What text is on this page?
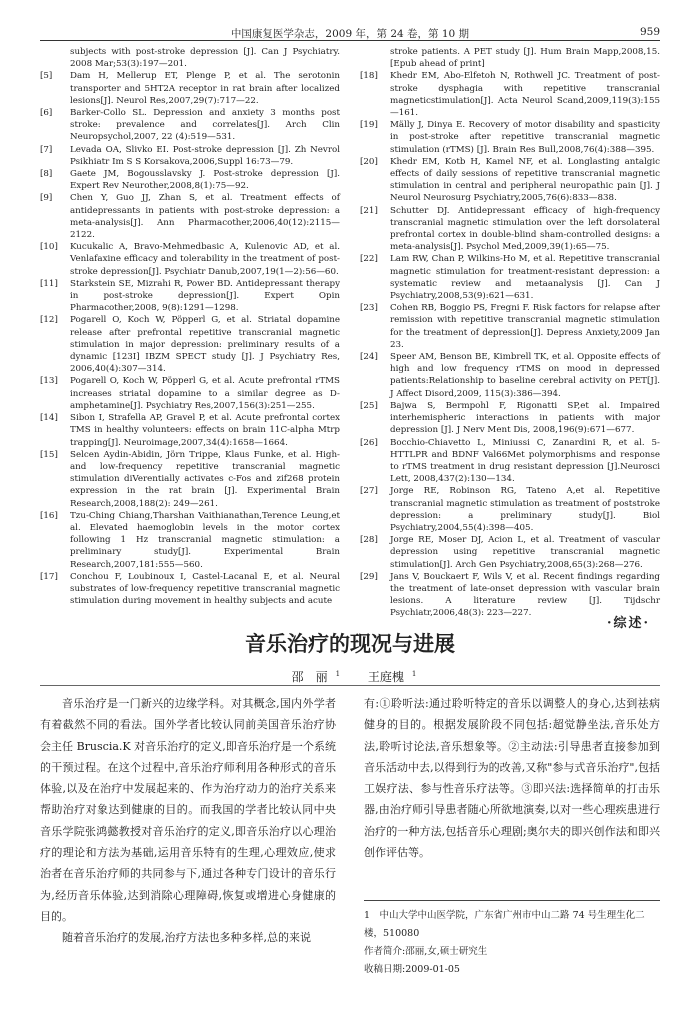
中国康复医学杂志，2009 年，第 24 卷，第 10 期	959
subjects with post-stroke depression [J]. Can J Psychiatry. 2008 Mar;53(3):197—201.
[5] Dam H, Mellerup ET, Plenge P, et al. The serotonin transporter and 5HT2A receptor in rat brain after localized lesions[J]. Neurol Res,2007,29(7):717—22.
[6] Barker-Collo SL. Depression and anxiety 3 months post stroke: prevalence and correlates[J]. Arch Clin Neuropsychol,2007, 22 (4):519—531.
[7] Levada OA, Slivko EI. Post-stroke depression [J]. Zh Nevrol Psikhiatr Im S S Korsakova,2006,Suppl 16:73—79.
[8] Gaete JM, Bogousslavsky J. Post-stroke depression [J]. Expert Rev Neurother,2008,8(1):75—92.
[9] Chen Y, Guo JJ, Zhan S, et al. Treatment effects of antidepressants in patients with post-stroke depression: a meta-analysis[J]. Ann Pharmacother,2006,40(12):2115—2122.
[10] Kucukalic A, Bravo-Mehmedbasic A, Kulenovic AD, et al. Venlafaxine efficacy and tolerability in the treatment of post-stroke depression[J]. Psychiatr Danub,2007,19(1—2):56—60.
[11] Starkstein SE, Mizrahi R, Power BD. Antidepressant therapy in post-stroke depression[J]. Expert Opin Pharmacother,2008, 9(8):1291—1298.
[12] Pogarell O, Koch W, Pöpperl G, et al. Striatal dopamine release after prefrontal repetitive transcranial magnetic stimulation in major depression: preliminary results of a dynamic [123I] IBZM SPECT study [J]. J Psychiatry Res, 2006,40(4):307—314.
[13] Pogarell O, Koch W, Pöpperl G, et al. Acute prefrontal rTMS increases striatal dopamine to a similar degree as D-amphetamine[J]. Psychiatry Res,2007,156(3):251—255.
[14] Sibon I, Strafella AP, Gravel P, et al. Acute prefrontal cortex TMS in healthy volunteers: effects on brain 11C-alpha Mtrp trapping[J]. Neuroimage,2007,34(4):1658—1664.
[15] Selcen Aydin-Abidin, Jörn Trippe, Klaus Funke, et al. High- and low-frequency repetitive transcranial magnetic stimulation diVerentially activates c-Fos and zif268 protein expression in the rat brain [J]. Experimental Brain Research,2008,188(2): 249—261.
[16] Tzu-Ching Chiang,Tharshan Vaithianathan,Terence Leung,et al. Elevated haemoglobin levels in the motor cortex following 1 Hz transcranial magnetic stimulation: a preliminary study[J]. Experimental Brain Research,2007,181:555—560.
[17] Conchou F, Loubinoux I, Castel-Lacanal E, et al. Neural substrates of low-frequency repetitive transcranial magnetic stimulation during movement in healthy subjects and acute
stroke patients. A PET study [J]. Hum Brain Mapp,2008,15. [Epub ahead of print]
[18] Khedr EM, Abo-Elfetoh N, Rothwell JC. Treatment of post-stroke dysphagia with repetitive transcranial magneticstimulation[J]. Acta Neurol Scand,2009,119(3):155—161.
[19] Mälly J, Dinya E. Recovery of motor disability and spasticity in post-stroke after repetitive transcranial magnetic stimulation (rTMS) [J]. Brain Res Bull,2008,76(4):388—395.
[20] Khedr EM, Kotb H, Kamel NF, et al. Longlasting antalgic effects of daily sessions of repetitive transcranial magnetic stimulation in central and peripheral neuropathic pain [J]. J Neurol Neurosurg Psychiatry,2005,76(6):833—838.
[21] Schutter DJ. Antidepressant efficacy of high-frequency transcranial magnetic stimulation over the left dorsolateral prefrontal cortex in double-blind sham-controlled designs: a meta-analysis[J]. Psychol Med,2009,39(1):65—75.
[22] Lam RW, Chan P, Wilkins-Ho M, et al. Repetitive transcranial magnetic stimulation for treatment-resistant depression: a systematic review and metaanalysis [J]. Can J Psychiatry,2008,53(9):621—631.
[23] Cohen RB, Boggio PS, Fregni F. Risk factors for relapse after remission with repetitive transcranial magnetic stimulation for the treatment of depression[J]. Depress Anxiety,2009 Jan 23.
[24] Speer AM, Benson BE, Kimbrell TK, et al. Opposite effects of high and low frequency rTMS on mood in depressed patients:Relationship to baseline cerebral activity on PET[J]. J Affect Disord,2009, 115(3):386—394.
[25] Bajwa S, Bermpohl F, Rigonatti SP,et al. Impaired interhemispheric interactions in patients with major depression [J]. J Nerv Ment Dis, 2008,196(9):671—677.
[26] Bocchio-Chiavetto L, Miniussi C, Zanardini R, et al. 5-HTTLPR and BDNF Val66Met polymorphisms and response to rTMS treatment in drug resistant depression [J].Neurosci Lett, 2008,437(2):130—134.
[27] Jorge RE, Robinson RG, Tateno A,et al. Repetitive transcranial magnetic stimulation as treatment of poststroke depression: a preliminary study[J]. Biol Psychiatry,2004,55(4):398—405.
[28] Jorge RE, Moser DJ, Acion L, et al. Treatment of vascular depression using repetitive transcranial magnetic stimulation[J]. Arch Gen Psychiatry,2008,65(3):268—276.
[29] Jans V, Bouckaert F, Wils V, et al. Recent findings regarding the treatment of late-onset depression with vascular brain lesions. A literature review [J]. Tijdschr Psychiatr,2006,48(3): 223—227.
·综述·
音乐治疗的现况与进展
邵　丽 $^1$ 王庭槐 $^1$

音乐治疗是一门新兴的边缘学科。对其概念,国内外学者有着截然不同的看法。国外学者比较认同前美国音乐治疗协会主任 Bruscia.K 对音乐治疗的定义,即音乐治疗是一个系统的干预过程。在这个过程中,音乐治疗师利用各种形式的音乐体验,以及在治疗中发展起来的、作为治疗动力的治疗关系来帮助治疗对象达到健康的目的。而我国的学者比较认同中央音乐学院张鸿懿教授对音乐治疗的定义,即音乐治疗以心理治疗的理论和方法为基础,运用音乐特有的生理,心理效应,使求治者在音乐治疗师的共同参与下,通过各种专门设计的音乐行为,经历音乐体验,达到消除心理障碍,恢复或增进心身健康的目的。

随着音乐治疗的发展,治疗方法也多种多样,总的来说

有:①聆听法:通过聆听特定的音乐以调整人的身心,达到祛病健身的目的。根据发展阶段不同包括:超觉静坐法,音乐处方法,聆听讨论法,音乐想象等。②主动法:引导患者直接参加到音乐活动中去,以得到行为的改善,又称"参与式音乐治疗",包括工娱疗法、参与性音乐疗法等。③即兴法:选择简单的打击乐器,由治疗师引导患者随心所欲地演奏,以对一些心理疾患进行治疗的一种方法,包括音乐心理剧;奥尔夫的即兴创作法和即兴创作评估等。

1　中山大学中山医学院，广东省广州市中山二路 74 号生理生化二楼，510080
作者简介:邵丽,女,硕士研究生
收稿日期:2009-01-05
